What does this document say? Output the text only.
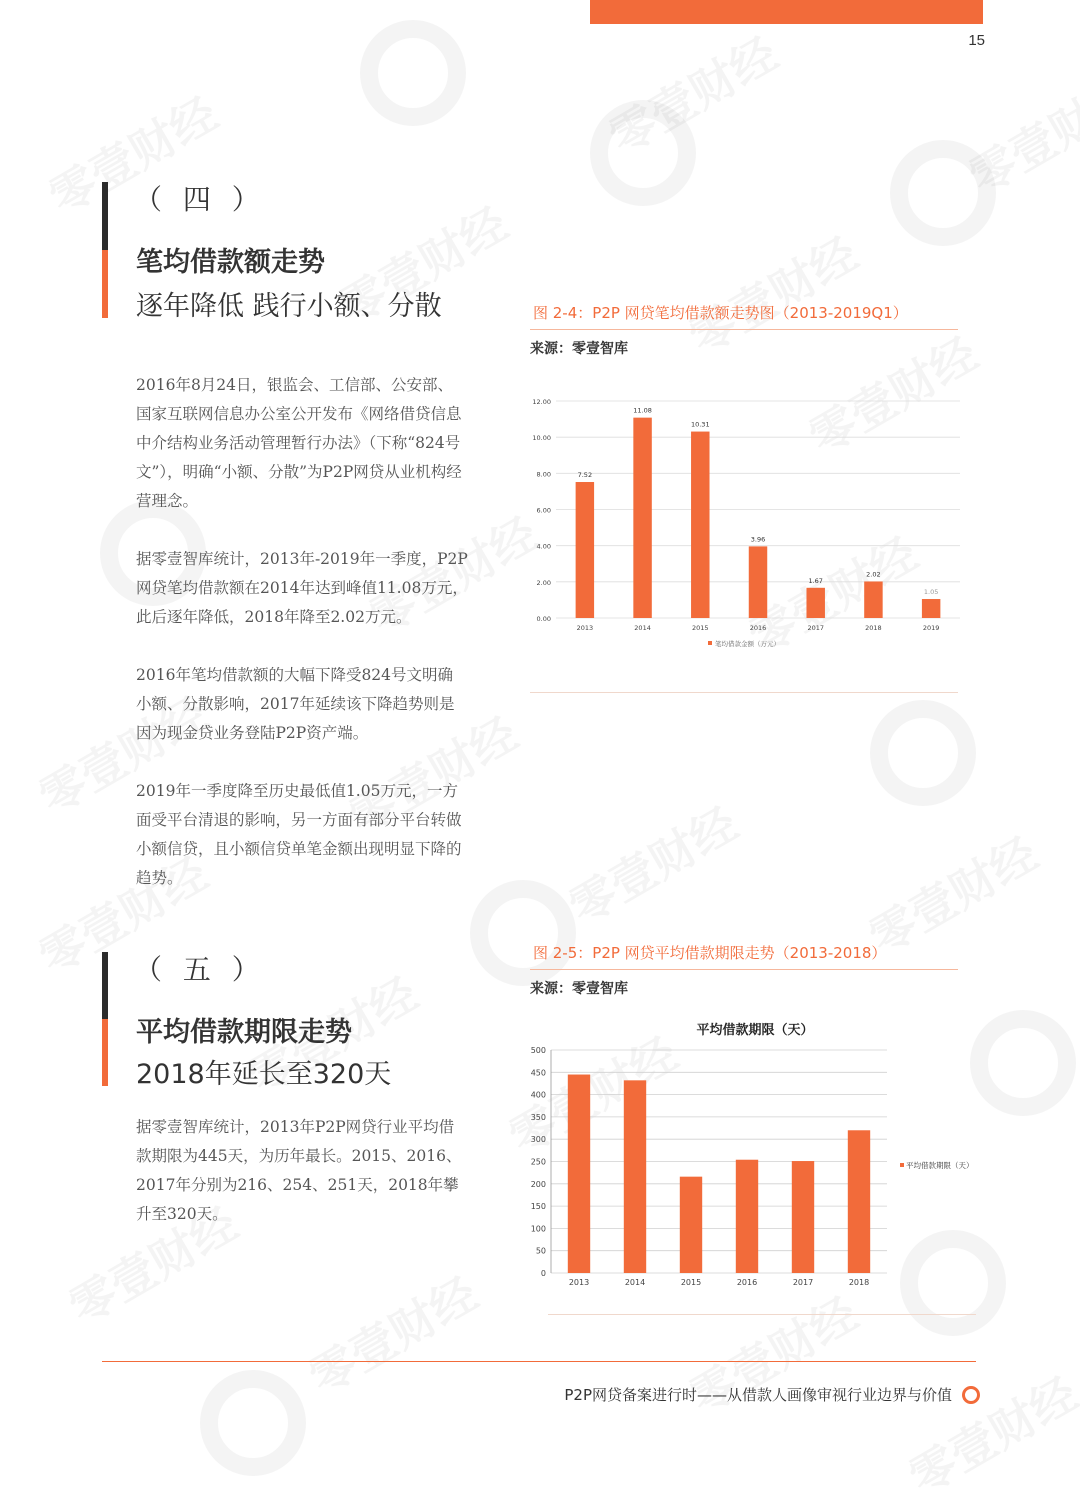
15
（ 四 ）
笔均借款额走势
逐年降低 践行小额、分散
2016年8月24日，银监会、工信部、公安部、国家互联网信息办公室公开发布《网络借贷信息中介结构业务活动管理暂行办法》（下称“824号文”），明确“小额、分散”为P2P网贷从业机构经营理念。
据零壹智库统计，2013年-2019年一季度，P2P网贷笔均借款额在2014年达到峰值11.08万元，此后逐年降低，2018年降至2.02万元。
2016年笔均借款额的大幅下降受824号文明确小额、分散影响，2017年延续该下降趋势则是因为现金贷业务登陆P2P资产端。
2019年一季度降至历史最低值1.05万元，一方面受平台清退的影响，另一方面有部分平台转做小额信贷，且小额信贷单笔金额出现明显下降的趋势。
（ 五 ）
平均借款期限走势
2018年延长至320天
据零壹智库统计，2013年P2P网贷行业平均借款期限为445天，为历年最长。2015、2016、2017年分别为216、254、251天，2018年攀升至320天。
图 2-4：P2P 网贷笔均借款额走势图（2013-2019Q1）
来源：零壹智库
0.00
2.00
4.00
6.00
8.00
10.00
12.00
7.52
11.08
10.31
3.96
1.67
2.02
1.05
2013	2014	2015	2016	2017	2018	2019
笔均借款金额（万元）
图 2-5：P2P 网贷平均借款期限走势（2013-2018）
来源：零壹智库
平均借款期限（天）
0
50
100
150
200
250
300
350
400
450
500
2013	2014	2015	2016	2017	2018
平均借款期限（天）
P2P网贷备案进行时——从借款人画像审视行业边界与价值
